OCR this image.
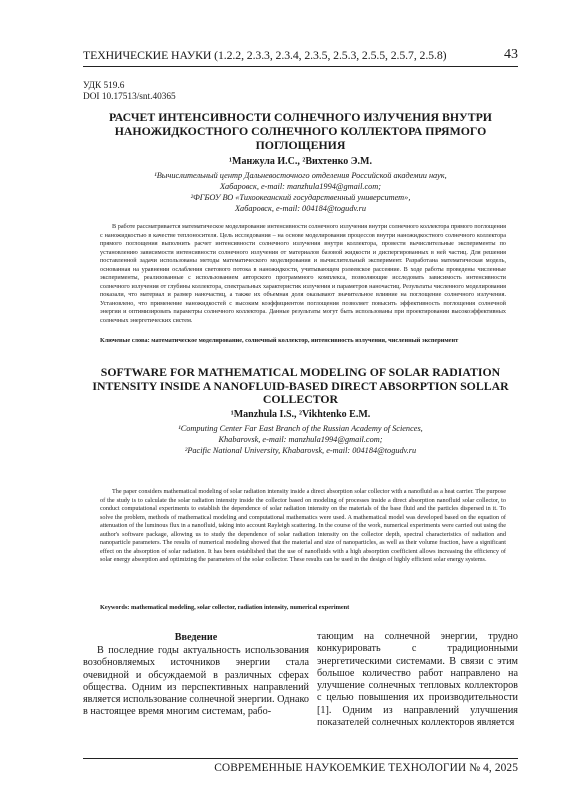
ТЕХНИЧЕСКИЕ НАУКИ (1.2.2, 2.3.3, 2.3.4, 2.3.5, 2.5.3, 2.5.5, 2.5.7, 2.5.8)	43
УДК 519.6
DOI 10.17513/snt.40365
РАСЧЕТ ИНТЕНСИВНОСТИ СОЛНЕЧНОГО ИЗЛУЧЕНИЯ ВНУТРИ НАНОЖИДКОСТНОГО СОЛНЕЧНОГО КОЛЛЕКТОРА ПРЯМОГО ПОГЛОЩЕНИЯ
¹Манжула И.С., ²Вихтенко Э.М.
¹Вычислительный центр Дальневосточного отделения Российской академии наук,
Хабаровск, e-mail: manzhula1994@gmail.com;
²ФГБОУ ВО «Тихоокеанский государственный университет»,
Хабаровск, e-mail: 004184@togudv.ru
В работе рассматривается математическое моделирование интенсивности солнечного излучения внутри солнечного коллектора прямого поглощения с наножидкостью в качестве теплоносителя. Цель исследования – на основе моделирования процессов внутри наножидкостного солнечного коллектора прямого поглощения выполнить расчет интенсивности солнечного излучения внутри коллектора, провести вычислительные эксперименты по установлению зависимости интенсивности солнечного излучения от материалов базовой жидкости и диспергированных в ней частиц. Для решения поставленной задачи использованы методы математического моделирования и вычислительный эксперимент. Разработана математическая модель, основанная на уравнении ослабления светового потока в наножидкости, учитывающем рэлеевское рассеяние. В ходе работы проведены численные эксперименты, реализованные с использованием авторского программного комплекса, позволяющие исследовать зависимость интенсивности солнечного излучения от глубины коллектора, спектральных характеристик излучения и параметров наночастиц. Результаты численного моделирования показали, что материал и размер наночастиц, а также их объемная доля оказывают значительное влияние на поглощение солнечного излучения. Установлено, что применение наножидкостей с высоким коэффициентом поглощения позволяет повысить эффективность поглощения солнечной энергии и оптимизировать параметры солнечного коллектора. Данные результаты могут быть использованы при проектировании высокоэффективных солнечных энергетических систем.
Ключевые слова: математическое моделирование, солнечный коллектор, интенсивность излучения, численный эксперимент
SOFTWARE FOR MATHEMATICAL MODELING OF SOLAR RADIATION INTENSITY INSIDE A NANOFLUID-BASED DIRECT ABSORPTION SOLLAR COLLECTOR
¹Manzhula I.S., ²Vikhtenko E.M.
¹Computing Center Far East Branch of the Russian Academy of Sciences,
Khabarovsk, e-mail: manzhula1994@gmail.com;
²Pacific National University, Khabarovsk, e-mail: 004184@togudv.ru
The paper considers mathematical modeling of solar radiation intensity inside a direct absorption solar collector with a nanofluid as a heat carrier. The purpose of the study is to calculate the solar radiation intensity inside the collector based on modeling of processes inside a direct absorption nanofluid solar collector, to conduct computational experiments to establish the dependence of solar radiation intensity on the materials of the base fluid and the particles dispersed in it. To solve the problem, methods of mathematical modeling and computational mathematics were used. A mathematical model was developed based on the equation of attenuation of the luminous flux in a nanofluid, taking into account Rayleigh scattering. In the course of the work, numerical experiments were carried out using the author's software package, allowing us to study the dependence of solar radiation intensity on the collector depth, spectral characteristics of radiation and nanoparticle parameters. The results of numerical modeling showed that the material and size of nanoparticles, as well as their volume fraction, have a significant effect on the absorption of solar radiation. It has been established that the use of nanofluids with a high absorption coefficient allows increasing the efficiency of solar energy absorption and optimizing the parameters of the solar collector. These results can be used in the design of highly efficient solar energy systems.
Keywords: mathematical modeling, solar collector, radiation intensity, numerical experiment
Введение
В последние годы актуальность использования возобновляемых источников энергии стала очевидной и обсуждаемой в различных сферах общества. Одним из перспективных направлений является использование солнечной энергии. Однако в настоящее время многим системам, рабо-
тающим на солнечной энергии, трудно конкурировать с традиционными энергетическими системами. В связи с этим большое количество работ направлено на улучшение солнечных тепловых коллекторов с целью повышения их производительности [1]. Одним из направлений улучшения показателей солнечных коллекторов является
СОВРЕМЕННЫЕ НАУКОЕМКИЕ ТЕХНОЛОГИИ № 4, 2025
